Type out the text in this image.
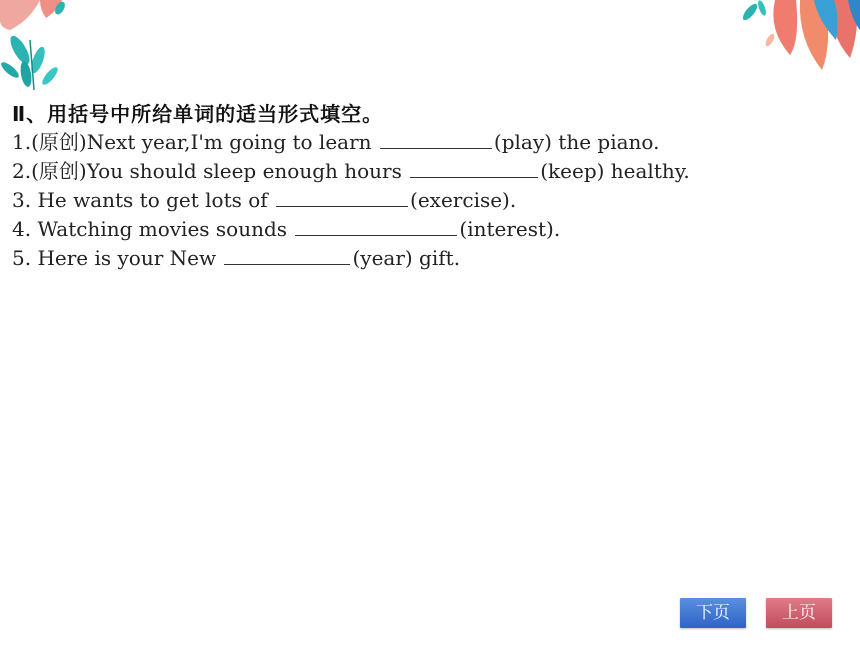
Ⅱ、用括号中所给单词的适当形式填空。
1.(原创)Next year,I'm going to learn	(play) the piano.
2.(原创)You should sleep enough hours	(keep) healthy.
3. He wants to get lots of	(exercise).
4. Watching movies sounds	(interest).
5. Here is your New	(year) gift.
下页	上页
